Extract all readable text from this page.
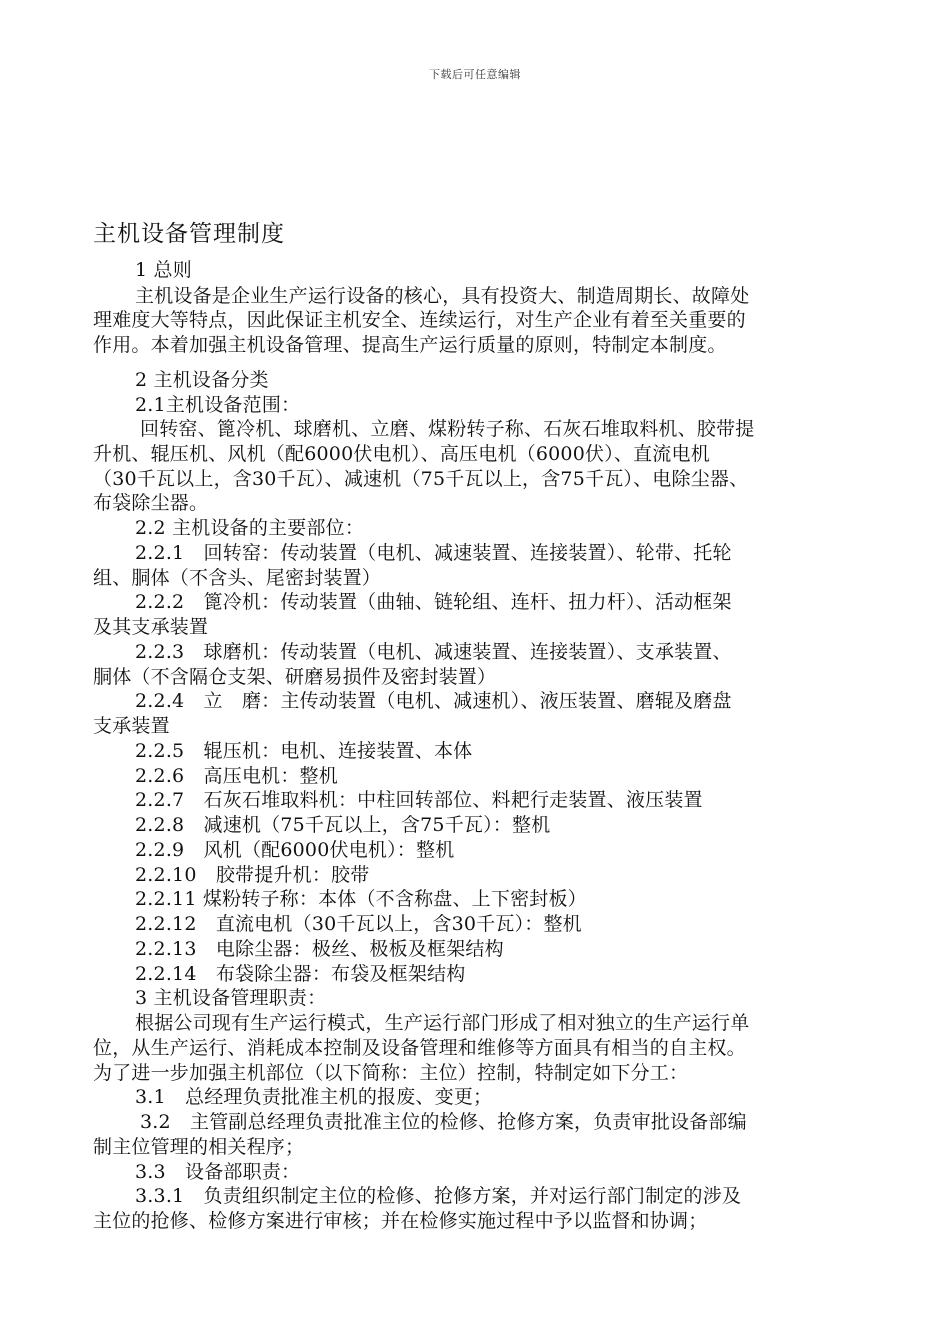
下载后可任意编辑
主机设备管理制度
1 总则
主机设备是企业生产运行设备的核心，具有投资大、制造周期长、故障处
理难度大等特点，因此保证主机安全、连续运行，对生产企业有着至关重要的
作用。本着加强主机设备管理、提高生产运行质量的原则，特制定本制度。
2 主机设备分类
2.1主机设备范围：
回转窑、篦冷机、球磨机、立磨、煤粉转子称、石灰石堆取料机、胶带提
升机、辊压机、风机（配6000伏电机）、高压电机（6000伏）、直流电机
（30千瓦以上，含30千瓦）、减速机（75千瓦以上，含75千瓦）、电除尘器、
布袋除尘器。
2.2 主机设备的主要部位：
2.2.1　回转窑：传动装置（电机、减速装置、连接装置）、轮带、托轮
组、胴体（不含头、尾密封装置）
2.2.2　篦冷机：传动装置（曲轴、链轮组、连杆、扭力杆）、活动框架
及其支承装置
2.2.3　球磨机：传动装置（电机、减速装置、连接装置）、支承装置、
胴体（不含隔仓支架、研磨易损件及密封装置）
2.2.4　立　磨：主传动装置（电机、减速机）、液压装置、磨辊及磨盘
支承装置
2.2.5　辊压机：电机、连接装置、本体
2.2.6　高压电机：整机
2.2.7　石灰石堆取料机：中柱回转部位、料耙行走装置、液压装置
2.2.8　减速机（75千瓦以上，含75千瓦）：整机
2.2.9　风机（配6000伏电机）：整机
2.2.10　胶带提升机：胶带
2.2.11 煤粉转子称：本体（不含称盘、上下密封板）
2.2.12　直流电机（30千瓦以上，含30千瓦）：整机
2.2.13　电除尘器：极丝、极板及框架结构
2.2.14　布袋除尘器：布袋及框架结构
3 主机设备管理职责：
根据公司现有生产运行模式，生产运行部门形成了相对独立的生产运行单
位，从生产运行、消耗成本控制及设备管理和维修等方面具有相当的自主权。
为了进一步加强主机部位（以下简称：主位）控制，特制定如下分工：
3.1　总经理负责批准主机的报废、变更；
3.2　主管副总经理负责批准主位的检修、抢修方案，负责审批设备部编
制主位管理的相关程序；
3.3　设备部职责：
3.3.1　负责组织制定主位的检修、抢修方案，并对运行部门制定的涉及
主位的抢修、检修方案进行审核；并在检修实施过程中予以监督和协调；
